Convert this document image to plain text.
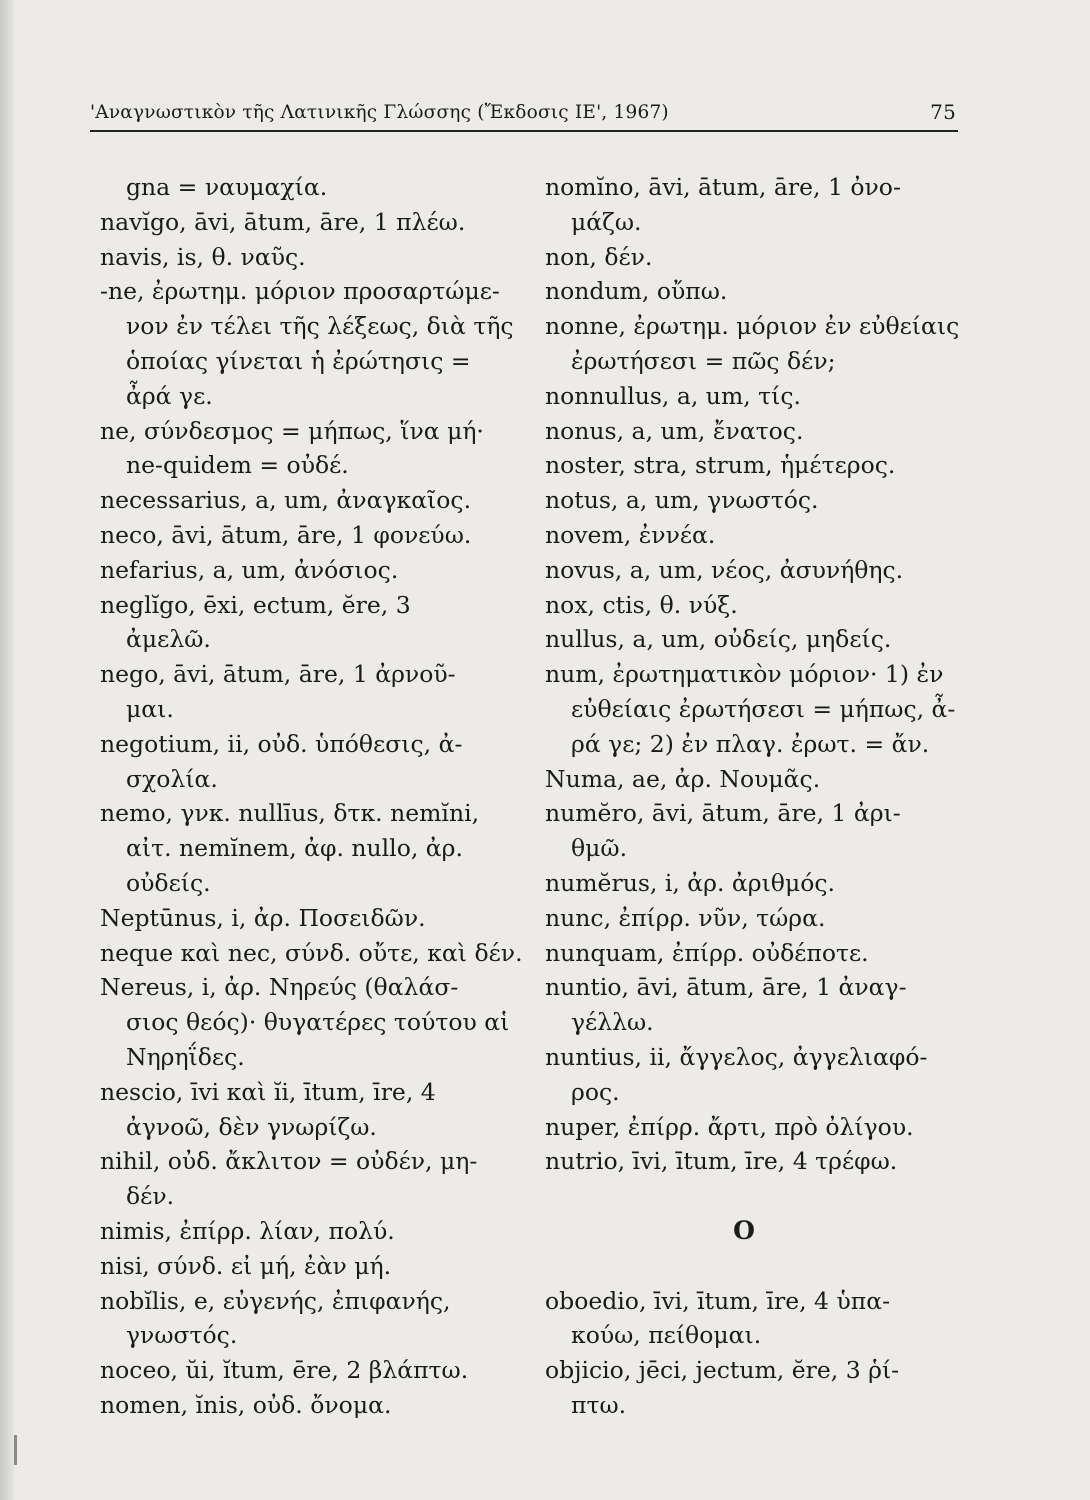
'Αναγνωστικὸν τῆς Λατινικῆς Γλώσσης (Ἔκδοσις ΙΕ', 1967)	75
gna = ναυμαχία.
navĭgo, āvi, ātum, āre, 1 πλέω.
navis, is, θ. ναῦς.
-ne, ἐρωτημ. μόριον προσαρτώμε-
νον ἐν τέλει τῆς λέξεως, διὰ τῆς
ὁποίας γίνεται ἡ ἐρώτησις =
ἆρά γε.
ne, σύνδεσμος = μήπως, ἵνα μή·
ne-quidem = οὐδέ.
necessarius, a, um, ἀναγκαῖος.
neco, āvi, ātum, āre, 1 φονεύω.
nefarius, a, um, ἀνόσιος.
neglĭgo, ēxi, ectum, ĕre, 3
ἀμελῶ.
nego, āvi, ātum, āre, 1 ἀρνοῦ-
μαι.
negotium, ii, οὐδ. ὑπόθεσις, ἀ-
σχολία.
nemo, γνκ. nullīus, δτκ. nemĭni,
αἰτ. nemĭnem, ἀφ. nullo, ἀρ.
οὐδείς.
Neptūnus, i, ἀρ. Ποσειδῶν.
neque καὶ nec, σύνδ. οὔτε, καὶ δέν.
Nereus, i, ἀρ. Νηρεύς (θαλάσ-
σιος θεός)· θυγατέρες τούτου αἱ
Νηρηΐδες.
nescio, īvi καὶ ĭi, ītum, īre, 4
ἀγνοῶ, δὲν γνωρίζω.
nihil, οὐδ. ἄκλιτον = οὐδέν, μη-
δέν.
nimis, ἐπίρρ. λίαν, πολύ.
nisi, σύνδ. εἰ μή, ἐὰν μή.
nobĭlis, e, εὐγενής, ἐπιφανής,
γνωστός.
noceo, ŭi, ĭtum, ēre, 2 βλάπτω.
nomen, ĭnis, οὐδ. ὄνομα.
nomĭno, āvi, ātum, āre, 1 ὀνο-
μάζω.
non, δέν.
nondum, οὔπω.
nonne, ἐρωτημ. μόριον ἐν εὐθείαις
ἐρωτήσεσι = πῶς δέν;
nonnullus, a, um, τίς.
nonus, a, um, ἔνατος.
noster, stra, strum, ἡμέτερος.
notus, a, um, γνωστός.
novem, ἐννέα.
novus, a, um, νέος, ἀσυνήθης.
nox, ctis, θ. νύξ.
nullus, a, um, οὐδείς, μηδείς.
num, ἐρωτηματικὸν μόριον· 1) ἐν
εὐθείαις ἐρωτήσεσι = μήπως, ἆ-
ρά γε; 2) ἐν πλαγ. ἐρωτ. = ἄν.
Numa, ae, ἀρ. Νουμᾶς.
numĕro, āvi, ātum, āre, 1 ἀρι-
θμῶ.
numĕrus, i, ἀρ. ἀριθμός.
nunc, ἐπίρρ. νῦν, τώρα.
nunquam, ἐπίρρ. οὐδέποτε.
nuntio, āvi, ātum, āre, 1 ἀναγ-
γέλλω.
nuntius, ii, ἄγγελος, ἀγγελιαφό-
ρος.
nuper, ἐπίρρ. ἄρτι, πρὸ ὀλίγου.
nutrio, īvi, ītum, īre, 4 τρέφω.
O
oboedio, īvi, ītum, īre, 4 ὑπα-
κούω, πείθομαι.
objicio, jēci, jectum, ĕre, 3 ῥί-
πτω.
